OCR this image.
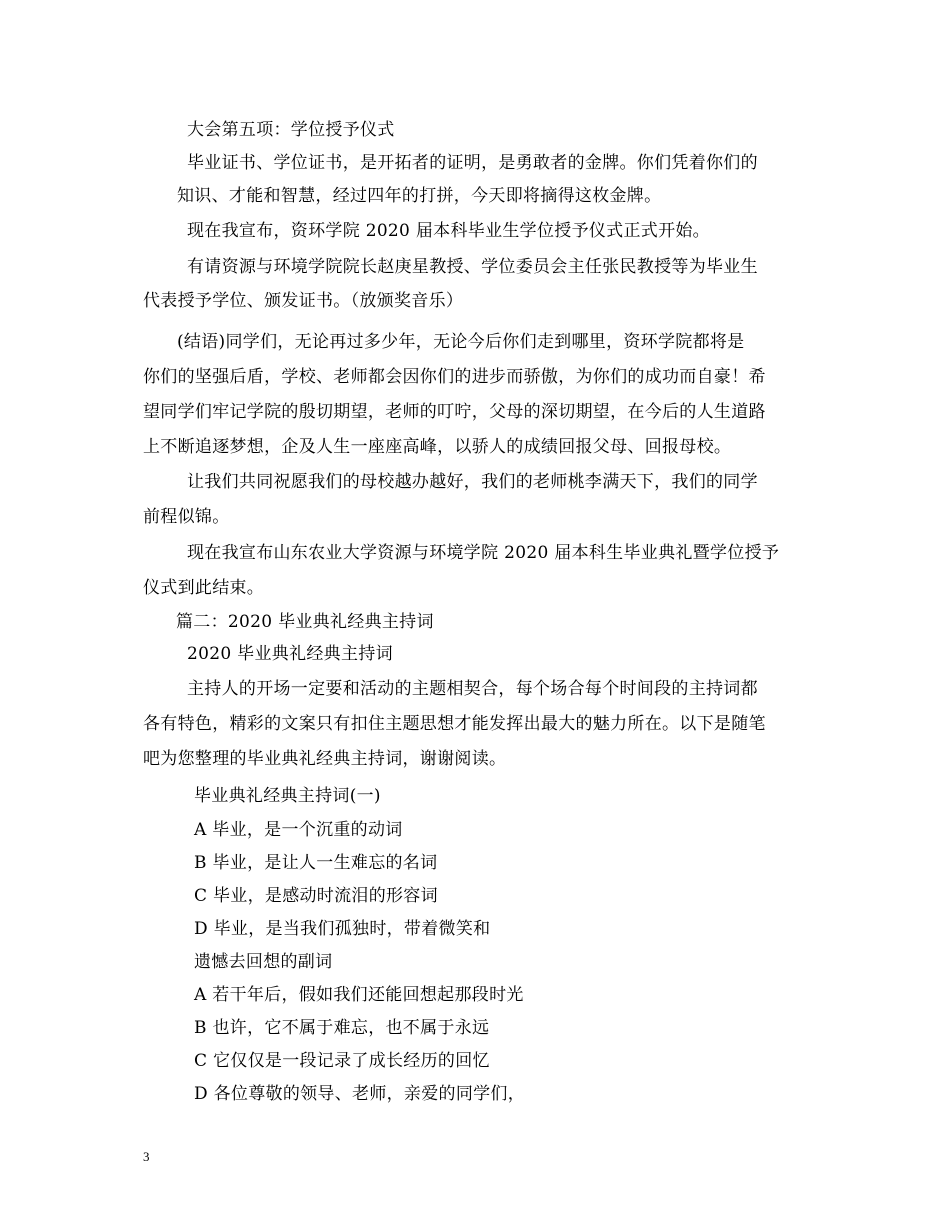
大会第五项：学位授予仪式
毕业证书、学位证书，是开拓者的证明，是勇敢者的金牌。你们凭着你们的
知识、才能和智慧，经过四年的打拼，今天即将摘得这枚金牌。
现在我宣布，资环学院 2020 届本科毕业生学位授予仪式正式开始。
有请资源与环境学院院长赵庚星教授、学位委员会主任张民教授等为毕业生
代表授予学位、颁发证书。（放颁奖音乐）
(结语)同学们，无论再过多少年，无论今后你们走到哪里，资环学院都将是
你们的坚强后盾，学校、老师都会因你们的进步而骄傲，为你们的成功而自豪！希
望同学们牢记学院的殷切期望，老师的叮咛，父母的深切期望，在今后的人生道路
上不断追逐梦想，企及人生一座座高峰，以骄人的成绩回报父母、回报母校。
让我们共同祝愿我们的母校越办越好，我们的老师桃李满天下，我们的同学
前程似锦。
现在我宣布山东农业大学资源与环境学院 2020 届本科生毕业典礼暨学位授予
仪式到此结束。
篇二：2020 毕业典礼经典主持词
2020 毕业典礼经典主持词
主持人的开场一定要和活动的主题相契合，每个场合每个时间段的主持词都
各有特色，精彩的文案只有扣住主题思想才能发挥出最大的魅力所在。以下是随笔
吧为您整理的毕业典礼经典主持词，谢谢阅读。
毕业典礼经典主持词(一)
A 毕业，是一个沉重的动词
B 毕业，是让人一生难忘的名词
C 毕业，是感动时流泪的形容词
D 毕业，是当我们孤独时，带着微笑和
遗憾去回想的副词
A 若干年后，假如我们还能回想起那段时光
B 也许，它不属于难忘，也不属于永远
C 它仅仅是一段记录了成长经历的回忆
D 各位尊敬的领导、老师，亲爱的同学们，
3
